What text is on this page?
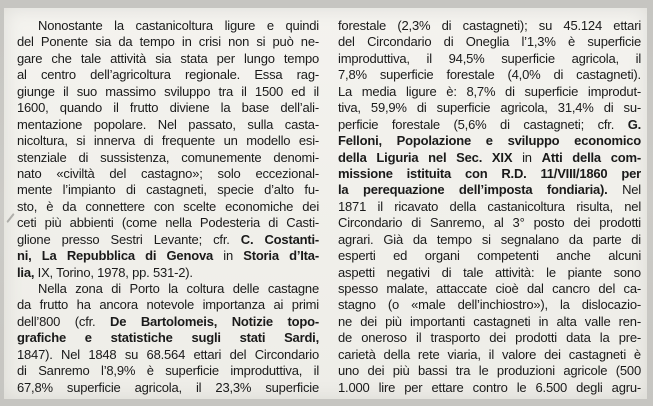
Nonostante la castanicoltura ligure e quindi
del Ponente sia da tempo in crisi non si può ne-
gare che tale attività sia stata per lungo tempo
al centro dell’agricoltura regionale. Essa rag-
giunge il suo massimo sviluppo tra il 1500 ed il
1600, quando il frutto diviene la base dell’ali-
mentazione popolare. Nel passato, sulla casta-
nicoltura, si innerva di frequente un modello esi-
stenziale di sussistenza, comunemente denomi-
nato «civiltà del castagno»; solo eccezional-
mente l’impianto di castagneti, specie d’alto fu-
sto, è da connettere con scelte economiche dei
ceti più abbienti (come nella Podesteria di Casti-
glione presso Sestri Levante; cfr. C. Costanti-
ni, La Repubblica di Genova in Storia d’Ita-
lia, IX, Torino, 1978, pp. 531-2).
Nella zona di Porto la coltura delle castagne
da frutto ha ancora notevole importanza ai primi
dell’800 (cfr. De Bartolomeis, Notizie topo-
grafiche e statistiche sugli stati Sardi,
1847). Nel 1848 su 68.564 ettari del Circondario
di Sanremo l’8,9% è superficie improduttiva, il
67,8% superficie agricola, il 23,3% superficie
forestale (2,3% di castagneti); su 45.124 ettari
del Circondario di Oneglia l’1,3% è superficie
improduttiva, il 94,5% superficie agricola, il
7,8% superficie forestale (4,0% di castagneti).
La media ligure è: 8,7% di superficie improdut-
tiva, 59,9% di superficie agricola, 31,4% di su-
perficie forestale (5,6% di castagneti; cfr. G.
Felloni, Popolazione e sviluppo economico
della Liguria nel Sec. XIX in Atti della com-
missione istituita con R.D. 11/VIII/1860 per
la perequazione dell’imposta fondiaria). Nel
1871 il ricavato della castanicoltura risulta, nel
Circondario di Sanremo, al 3° posto dei prodotti
agrari. Già da tempo si segnalano da parte di
esperti ed organi competenti anche alcuni
aspetti negativi di tale attività: le piante sono
spesso malate, attaccate cioè dal cancro del ca-
stagno (o «male dell’inchiostro»), la dislocazio-
ne dei più importanti castagneti in alta valle ren-
de oneroso il trasporto dei prodotti data la pre-
carietà della rete viaria, il valore dei castagneti è
uno dei più bassi tra le produzioni agricole (500
1.000 lire per ettare contro le 6.500 degli agru-
